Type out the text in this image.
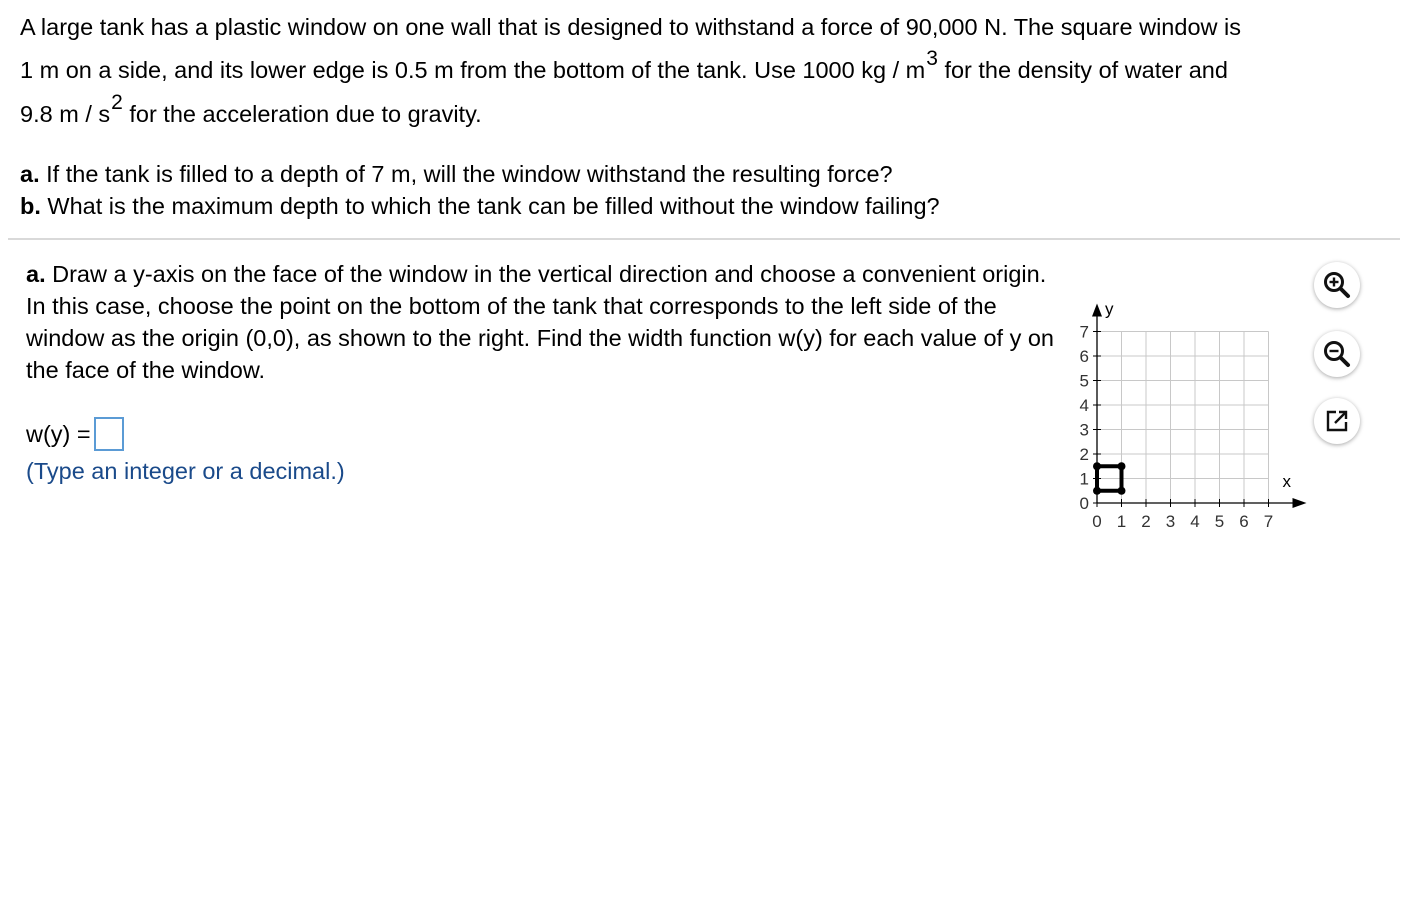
A large tank has a plastic window on one wall that is designed to withstand a force of 90,000 N. The square window is
1 m on a side, and its lower edge is 0.5 m from the bottom of the tank. Use 1000 kg / m3 for the density of water and
9.8 m / s2 for the acceleration due to gravity.
a. If the tank is filled to a depth of 7 m, will the window withstand the resulting force?
b. What is the maximum depth to which the tank can be filled without the window failing?
a. Draw a y-axis on the face of the window in the vertical direction and choose a convenient origin. In this case, choose the point on the bottom of the tank that corresponds to the left side of the window as the origin (0,0), as shown to the right. Find the width function w(y) for each value of y on the face of the window.
w(y) =
(Type an integer or a decimal.)
0 1 2 3 4 5 6 7
0
1
2
3
4
5
6
7
y
x
